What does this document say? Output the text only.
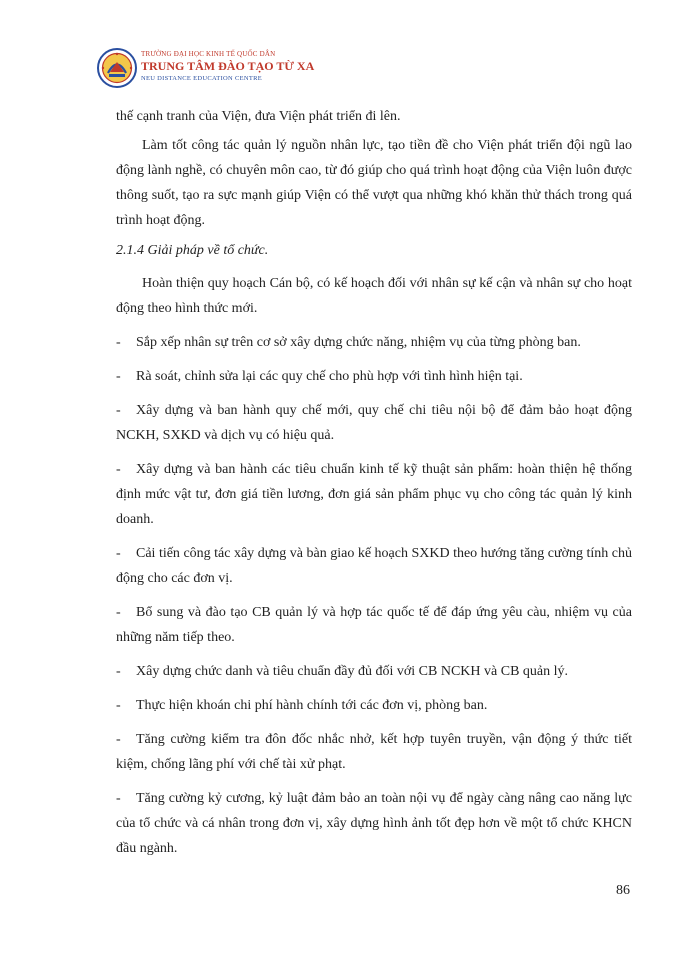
TRƯỜNG ĐẠI HỌC KINH TẾ QUỐC DÂN
TRUNG TÂM ĐÀO TẠO TỪ XA
NEU DISTANCE EDUCATION CENTRE

thế cạnh tranh của Viện, đưa Viện phát triển đi lên.

Làm tốt công tác quản lý nguồn nhân lực, tạo tiền đề cho Viện phát triển đội ngũ lao động lành nghề, có chuyên môn cao, từ đó giúp cho quá trình hoạt động của Viện luôn được thông suốt, tạo ra sực mạnh giúp Viện có thể vượt qua những khó khăn thử thách trong quá trình hoạt động.

2.1.4 Giải pháp về tổ chức.

Hoàn thiện quy hoạch Cán bộ, có kế hoạch đối với nhân sự kế cận và nhân sự cho hoạt động theo hình thức mới.

- Sắp xếp nhân sự trên cơ sở xây dựng chức năng, nhiệm vụ của từng phòng ban.

- Rà soát, chỉnh sửa lại các quy chế cho phù hợp với tình hình hiện tại.

- Xây dựng và ban hành quy chế mới, quy chế chi tiêu nội bộ để đảm bảo hoạt động NCKH, SXKD và dịch vụ có hiệu quả.

- Xây dựng và ban hành các tiêu chuẩn kinh tế kỹ thuật sản phẩm: hoàn thiện hệ thống định mức vật tư, đơn giá tiền lương, đơn giá sản phẩm phục vụ cho công tác quản lý kinh doanh.

- Cải tiến công tác xây dựng và bàn giao kế hoạch SXKD theo hướng tăng cường tính chủ động cho các đơn vị.

- Bổ sung và đào tạo CB quản lý và hợp tác quốc tế để đáp ứng yêu càu, nhiệm vụ của những năm tiếp theo.

- Xây dựng chức danh và tiêu chuẩn đầy đủ đối với CB NCKH và CB quản lý.

- Thực hiện khoán chi phí hành chính tới các đơn vị, phòng ban.

- Tăng cường kiểm tra đôn đốc nhắc nhở, kết hợp tuyên truyền, vận động ý thức tiết kiệm, chống lãng phí với chế tài xử phạt.

- Tăng cường kỷ cương, kỷ luật đảm bảo an toàn nội vụ để ngày càng nâng cao năng lực của tổ chức và cá nhân trong đơn vị, xây dựng hình ảnh tốt đẹp hơn về một tổ chức KHCN đầu ngành.

86
